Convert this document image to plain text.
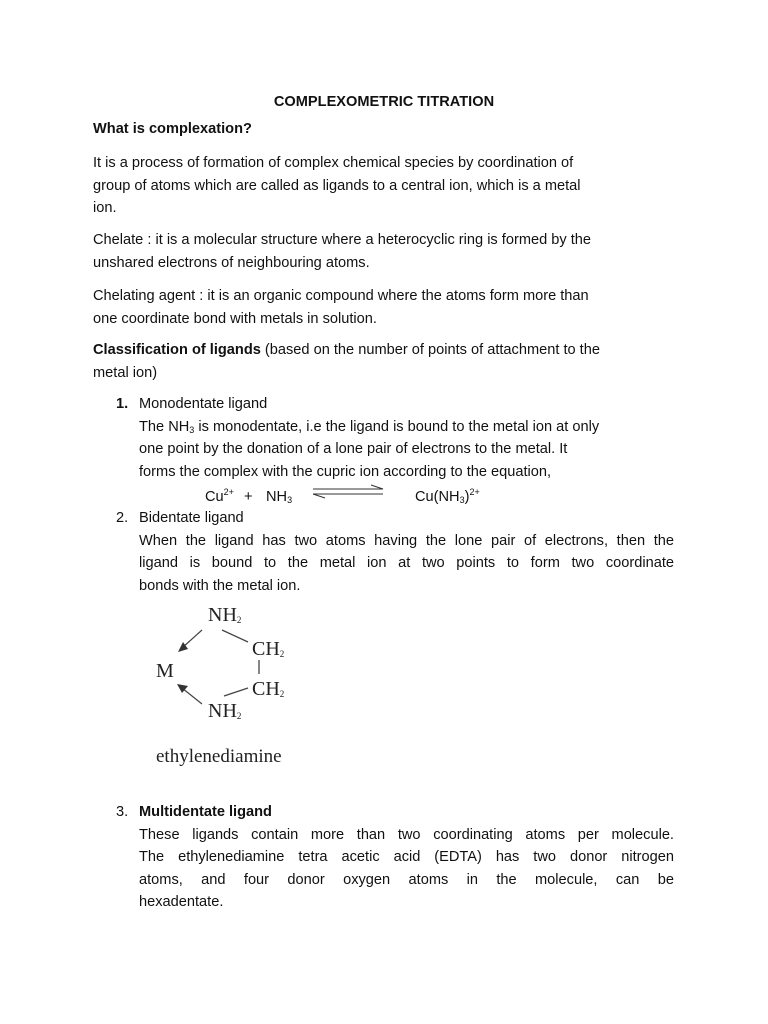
COMPLEXOMETRIC TITRATION
What is complexation?
It is a process of formation of complex chemical species by coordination of
group of atoms which are called as ligands to a central ion, which is a metal
ion.
Chelate : it is a molecular structure where a heterocyclic ring is formed by the
unshared electrons of neighbouring atoms.
Chelating agent : it is an organic compound where the atoms form more than
one coordinate bond with metals in solution.
Classification of ligands (based on the number of points of attachment to the
metal ion)
1. Monodentate ligand
The $NH_3$ is monodentate, i.e the ligand is bound to the metal ion at only
one point by the donation of a lone pair of electrons to the metal. It
forms the complex with the cupric ion according to the equation,
$Cu^{2+} + NH_3$	$Cu(NH_3)^{2+}$
2. Bidentate ligand
When the ligand has two atoms having the lone pair of electrons, then the
ligand is bound to the metal ion at two points to form two coordinate
bonds with the metal ion.
$NH_2$
$CH_2$
M
$CH_2$
$NH_2$
ethylenediamine
3. Multidentate ligand
These ligands contain more than two coordinating atoms per molecule.
The ethylenediamine tetra acetic acid (EDTA) has two donor nitrogen
atoms, and four donor oxygen atoms in the molecule, can be
hexadentate.
